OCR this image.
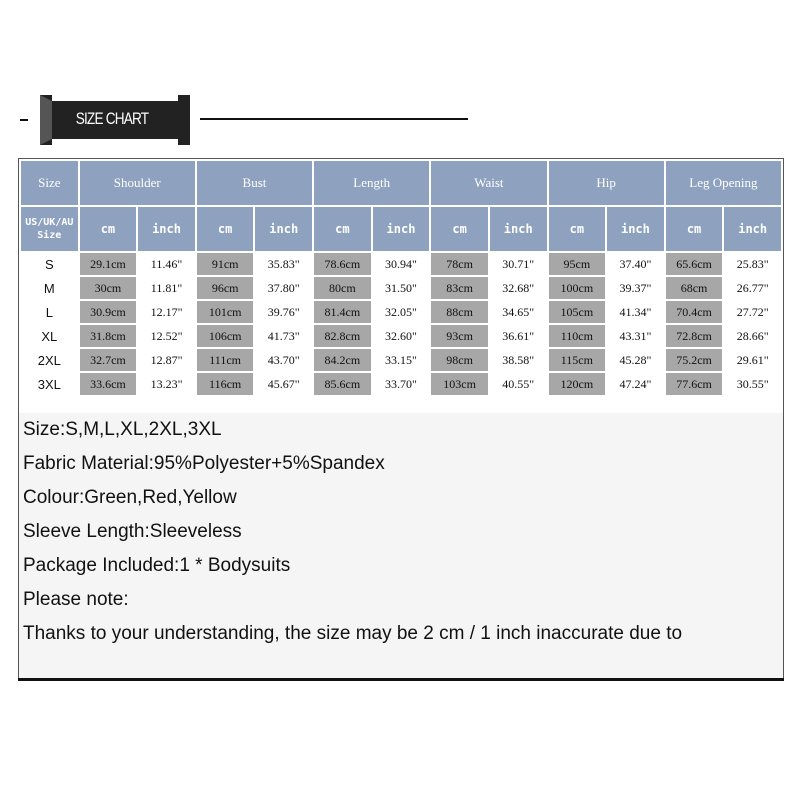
SIZE CHART
Size	Shoulder		Bust		Length		Waist		Hip		Leg Opening	
US/UK/AU Size	cm	inch	cm	inch	cm	inch	cm	inch	cm	inch	cm	inch
S	29.1cm	11.46"	91cm	35.83"	78.6cm	30.94"	78cm	30.71"	95cm	37.40"	65.6cm	25.83"
M	30cm	11.81"	96cm	37.80"	80cm	31.50"	83cm	32.68"	100cm	39.37"	68cm	26.77"
L	30.9cm	12.17"	101cm	39.76"	81.4cm	32.05"	88cm	34.65"	105cm	41.34"	70.4cm	27.72"
XL	31.8cm	12.52"	106cm	41.73"	82.8cm	32.60"	93cm	36.61"	110cm	43.31"	72.8cm	28.66"
2XL	32.7cm	12.87"	111cm	43.70"	84.2cm	33.15"	98cm	38.58"	115cm	45.28"	75.2cm	29.61"
3XL	33.6cm	13.23"	116cm	45.67"	85.6cm	33.70"	103cm	40.55"	120cm	47.24"	77.6cm	30.55"

Size:S,M,L,XL,2XL,3XL

Fabric Material:95%Polyester+5%Spandex

Colour:Green,Red,Yellow

Sleeve Length:Sleeveless

Package Included:1 * Bodysuits

Please note:

Thanks to your understanding, the size may be 2 cm / 1 inch inaccurate due to
